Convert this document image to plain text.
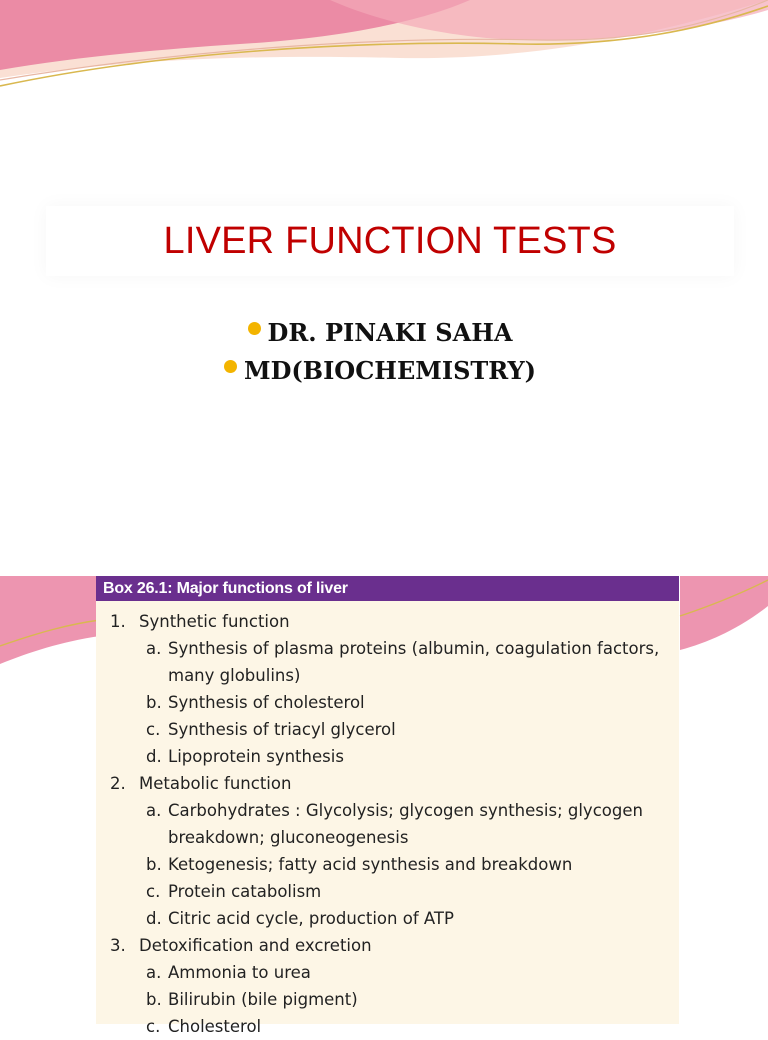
LIVER FUNCTION TESTS
DR. PINAKI SAHA
MD(BIOCHEMISTRY)
Box 26.1: Major functions of liver
1. Synthetic function
a. Synthesis of plasma proteins (albumin, coagulation factors,
many globulins)
b. Synthesis of cholesterol
c. Synthesis of triacyl glycerol
d. Lipoprotein synthesis
2. Metabolic function
a. Carbohydrates : Glycolysis; glycogen synthesis; glycogen
breakdown; gluconeogenesis
b. Ketogenesis; fatty acid synthesis and breakdown
c. Protein catabolism
d. Citric acid cycle, production of ATP
3. Detoxification and excretion
a. Ammonia to urea
b. Bilirubin (bile pigment)
c. Cholesterol
